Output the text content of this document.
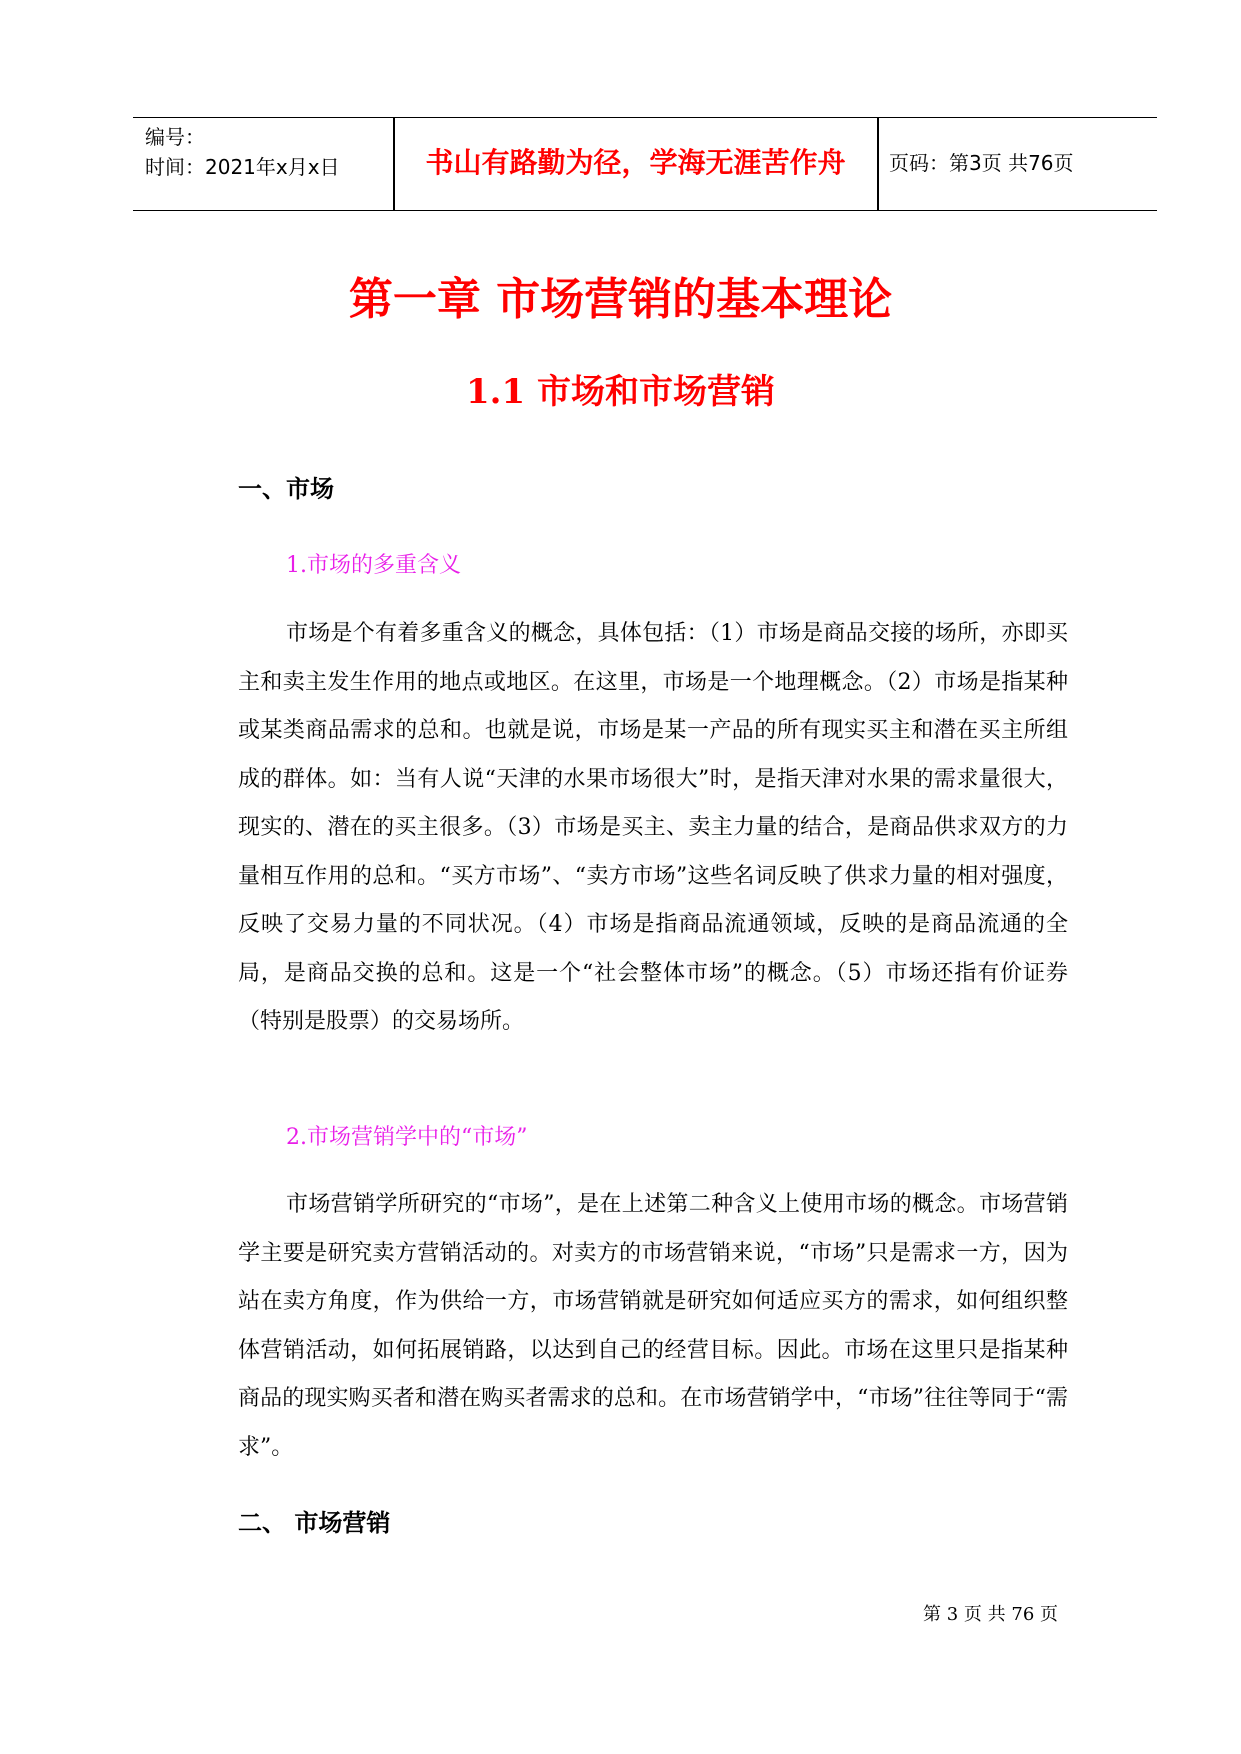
编号：
时间：2021年x月x日	书山有路勤为径，学海无涯苦作舟	页码：第3页 共76页
第一章 市场营销的基本理论
1.1 市场和市场营销
一、市场
1.市场的多重含义

市场是个有着多重含义的概念，具体包括：（1）市场是商品交接的场所，亦即买主和卖主发生作用的地点或地区。在这里，市场是一个地理概念。（2）市场是指某种或某类商品需求的总和。也就是说，市场是某一产品的所有现实买主和潜在买主所组成的群体。如：当有人说“天津的水果市场很大”时，是指天津对水果的需求量很大，现实的、潜在的买主很多。（3）市场是买主、卖主力量的结合，是商品供求双方的力量相互作用的总和。“买方市场”、“卖方市场”这些名词反映了供求力量的相对强度，反映了交易力量的不同状况。（4）市场是指商品流通领域，反映的是商品流通的全局，是商品交换的总和。这是一个“社会整体市场”的概念。（5）市场还指有价证券（特别是股票）的交易场所。

2.市场营销学中的“市场”

市场营销学所研究的“市场”，是在上述第二种含义上使用市场的概念。市场营销学主要是研究卖方营销活动的。对卖方的市场营销来说，“市场”只是需求一方，因为站在卖方角度，作为供给一方，市场营销就是研究如何适应买方的需求，如何组织整体营销活动，如何拓展销路，以达到自己的经营目标。因此。市场在这里只是指某种商品的现实购买者和潜在购买者需求的总和。在市场营销学中，“市场”往往等同于“需求”。

二、 市场营销
第 3 页 共 76 页
